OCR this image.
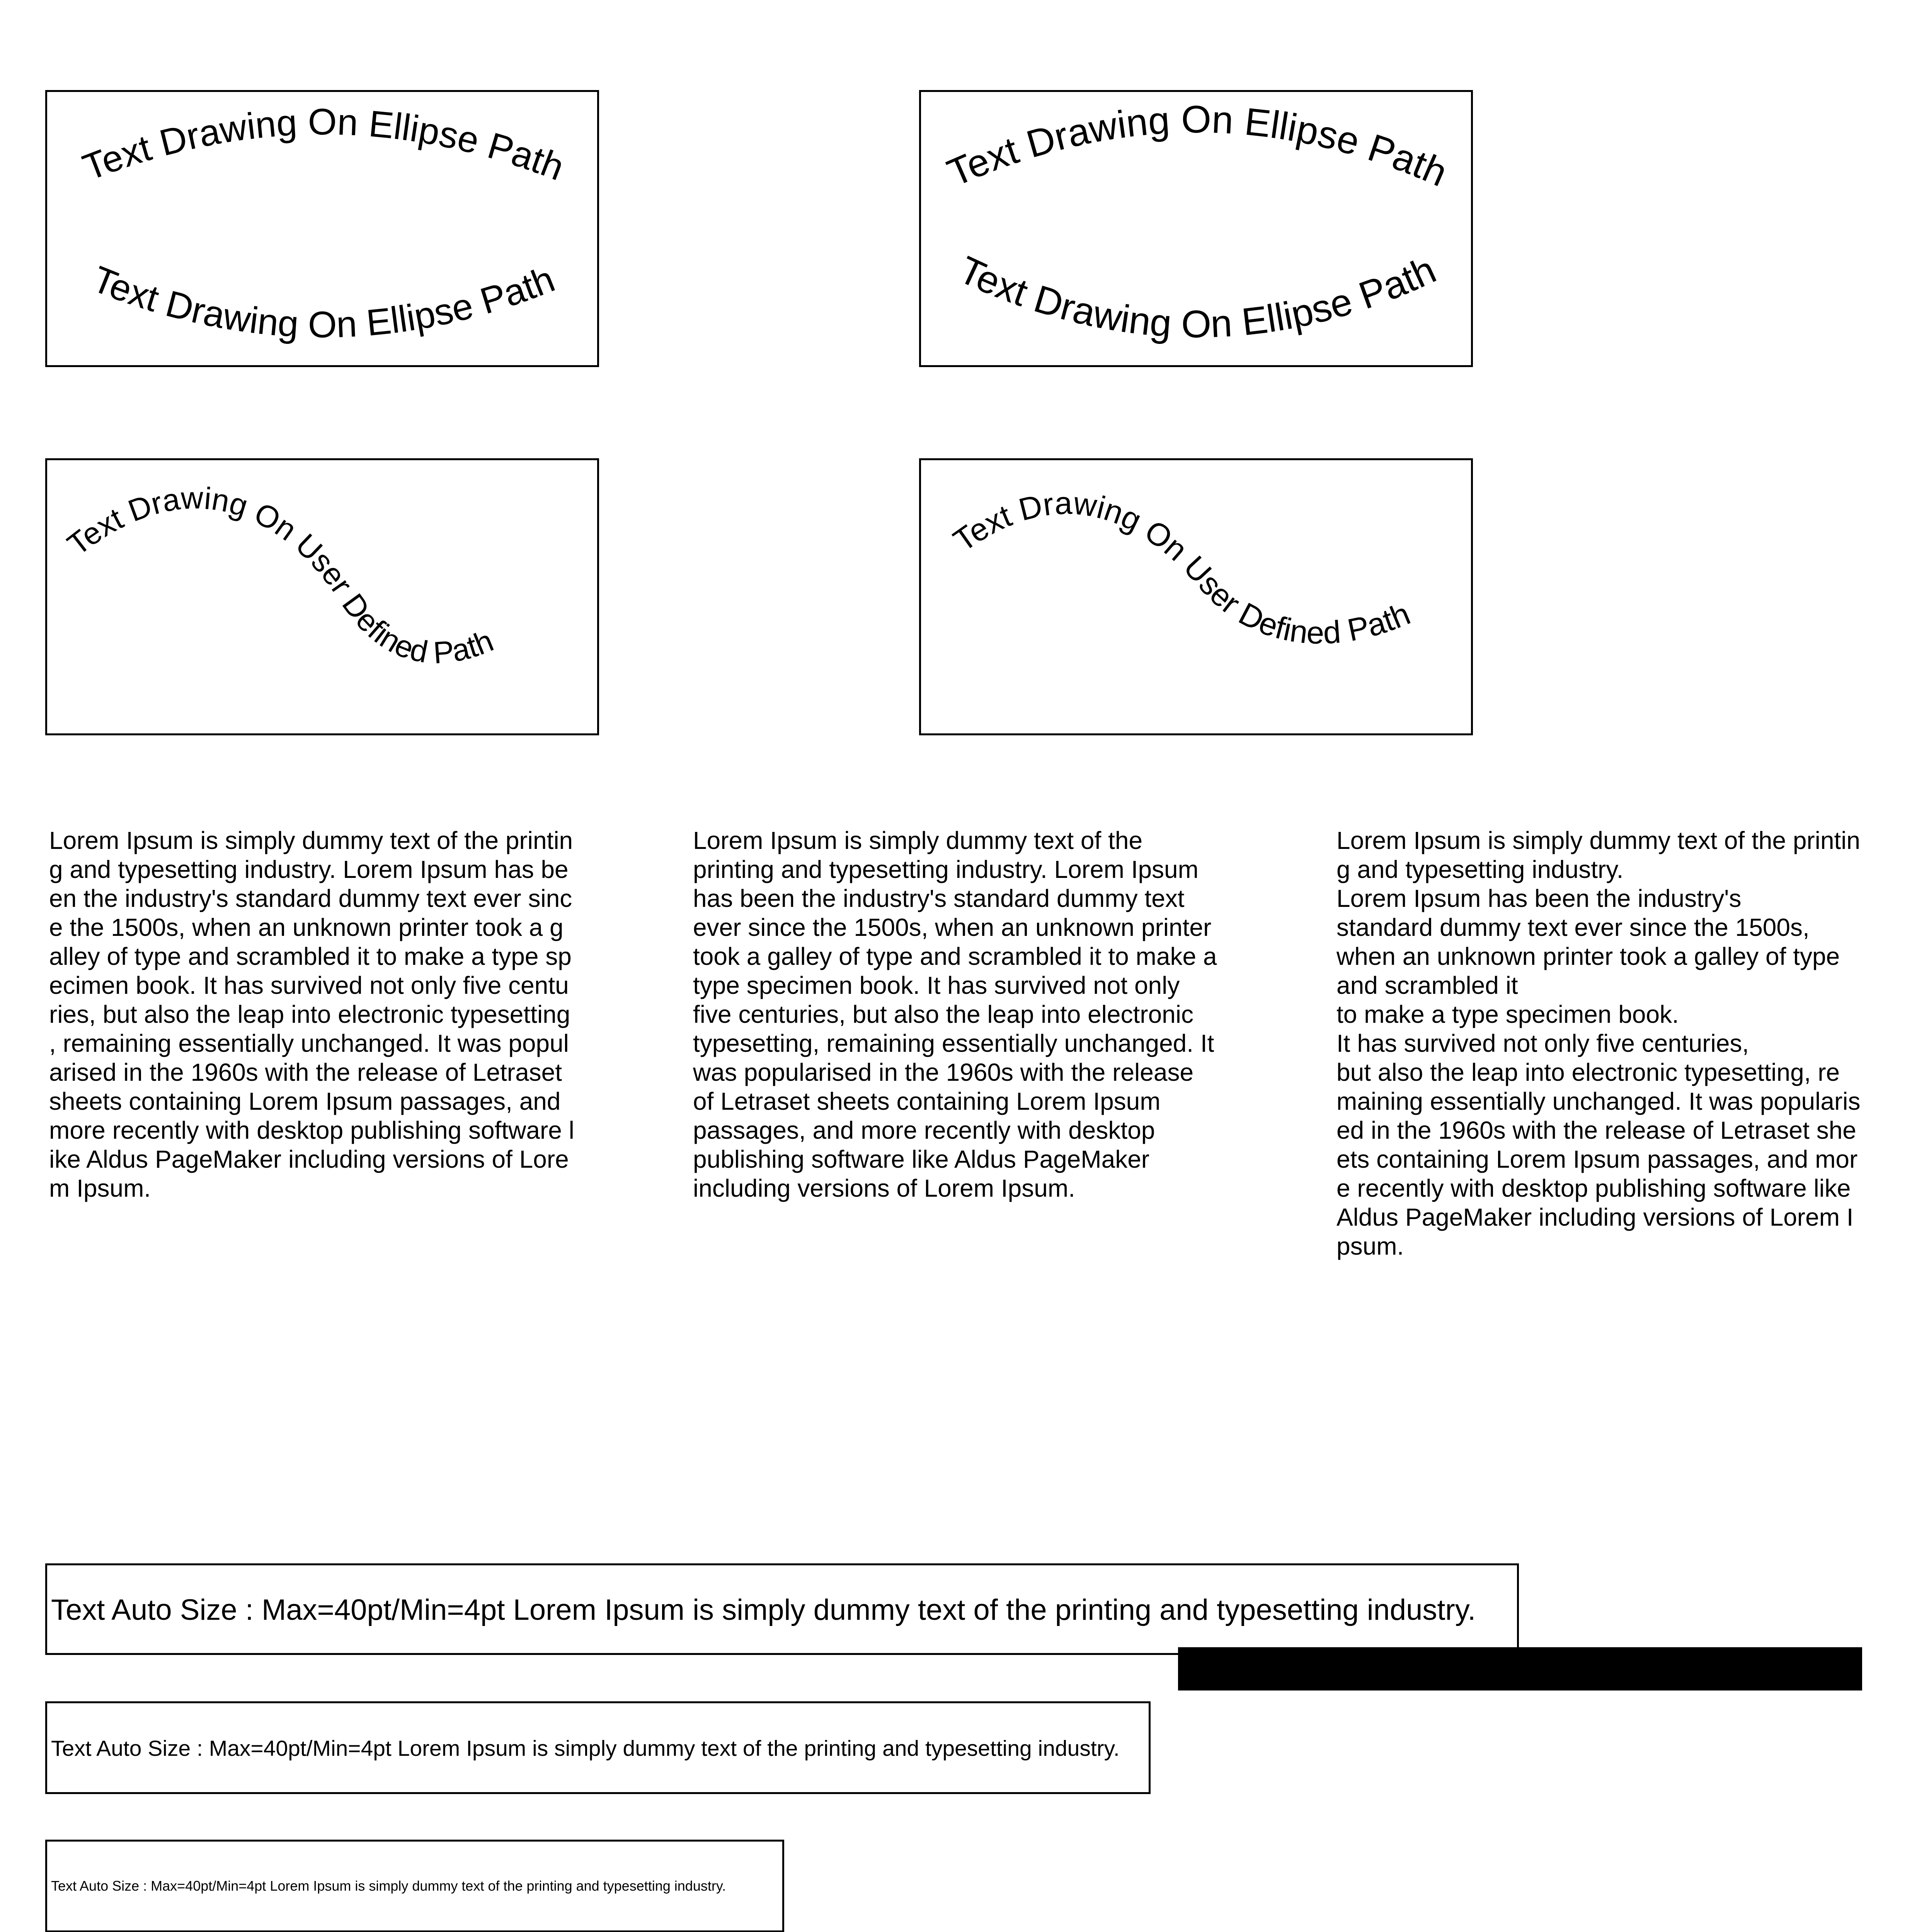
Text Drawing On Ellipse Path
Text Drawing On Ellipse Path
Text Drawing On Ellipse Path
Text Drawing On Ellipse Path
Text Drawing On User Defined Path
Text Drawing On User Defined Path
Lorem Ipsum is simply dummy text of the printin
g and typesetting industry. Lorem Ipsum has be
en the industry's standard dummy text ever sinc
e the 1500s, when an unknown printer took a g
alley of type and scrambled it to make a type sp
ecimen book. It has survived not only five centu
ries, but also the leap into electronic typesetting
, remaining essentially unchanged. It was popul
arised in the 1960s with the release of Letraset
sheets containing Lorem Ipsum passages, and
more recently with desktop publishing software l
ike Aldus PageMaker including versions of Lore
m Ipsum.
Lorem Ipsum is simply dummy text of the
printing and typesetting industry. Lorem Ipsum
has been the industry's standard dummy text
ever since the 1500s, when an unknown printer
took a galley of type and scrambled it to make a
type specimen book. It has survived not only
five centuries, but also the leap into electronic
typesetting, remaining essentially unchanged. It
was popularised in the 1960s with the release
of Letraset sheets containing Lorem Ipsum
passages, and more recently with desktop
publishing software like Aldus PageMaker
including versions of Lorem Ipsum.
Lorem Ipsum is simply dummy text of the printin
g and typesetting industry.
Lorem Ipsum has been the industry's
standard dummy text ever since the 1500s,
when an unknown printer took a galley of type
and scrambled it
to make a type specimen book.
It has survived not only five centuries,
but also the leap into electronic typesetting, re
maining essentially unchanged. It was popularis
ed in the 1960s with the release of Letraset she
ets containing Lorem Ipsum passages, and mor
e recently with desktop publishing software like
Aldus PageMaker including versions of Lorem I
psum.
Text Auto Size : Max=40pt/Min=4pt Lorem Ipsum is simply dummy text of the printing and typesetting industry.
Text Auto Size : Max=40pt/Min=4pt Lorem Ipsum is simply dummy text of the printing and typesetting industry.
Text Auto Size : Max=40pt/Min=4pt Lorem Ipsum is simply dummy text of the printing and typesetting industry.
